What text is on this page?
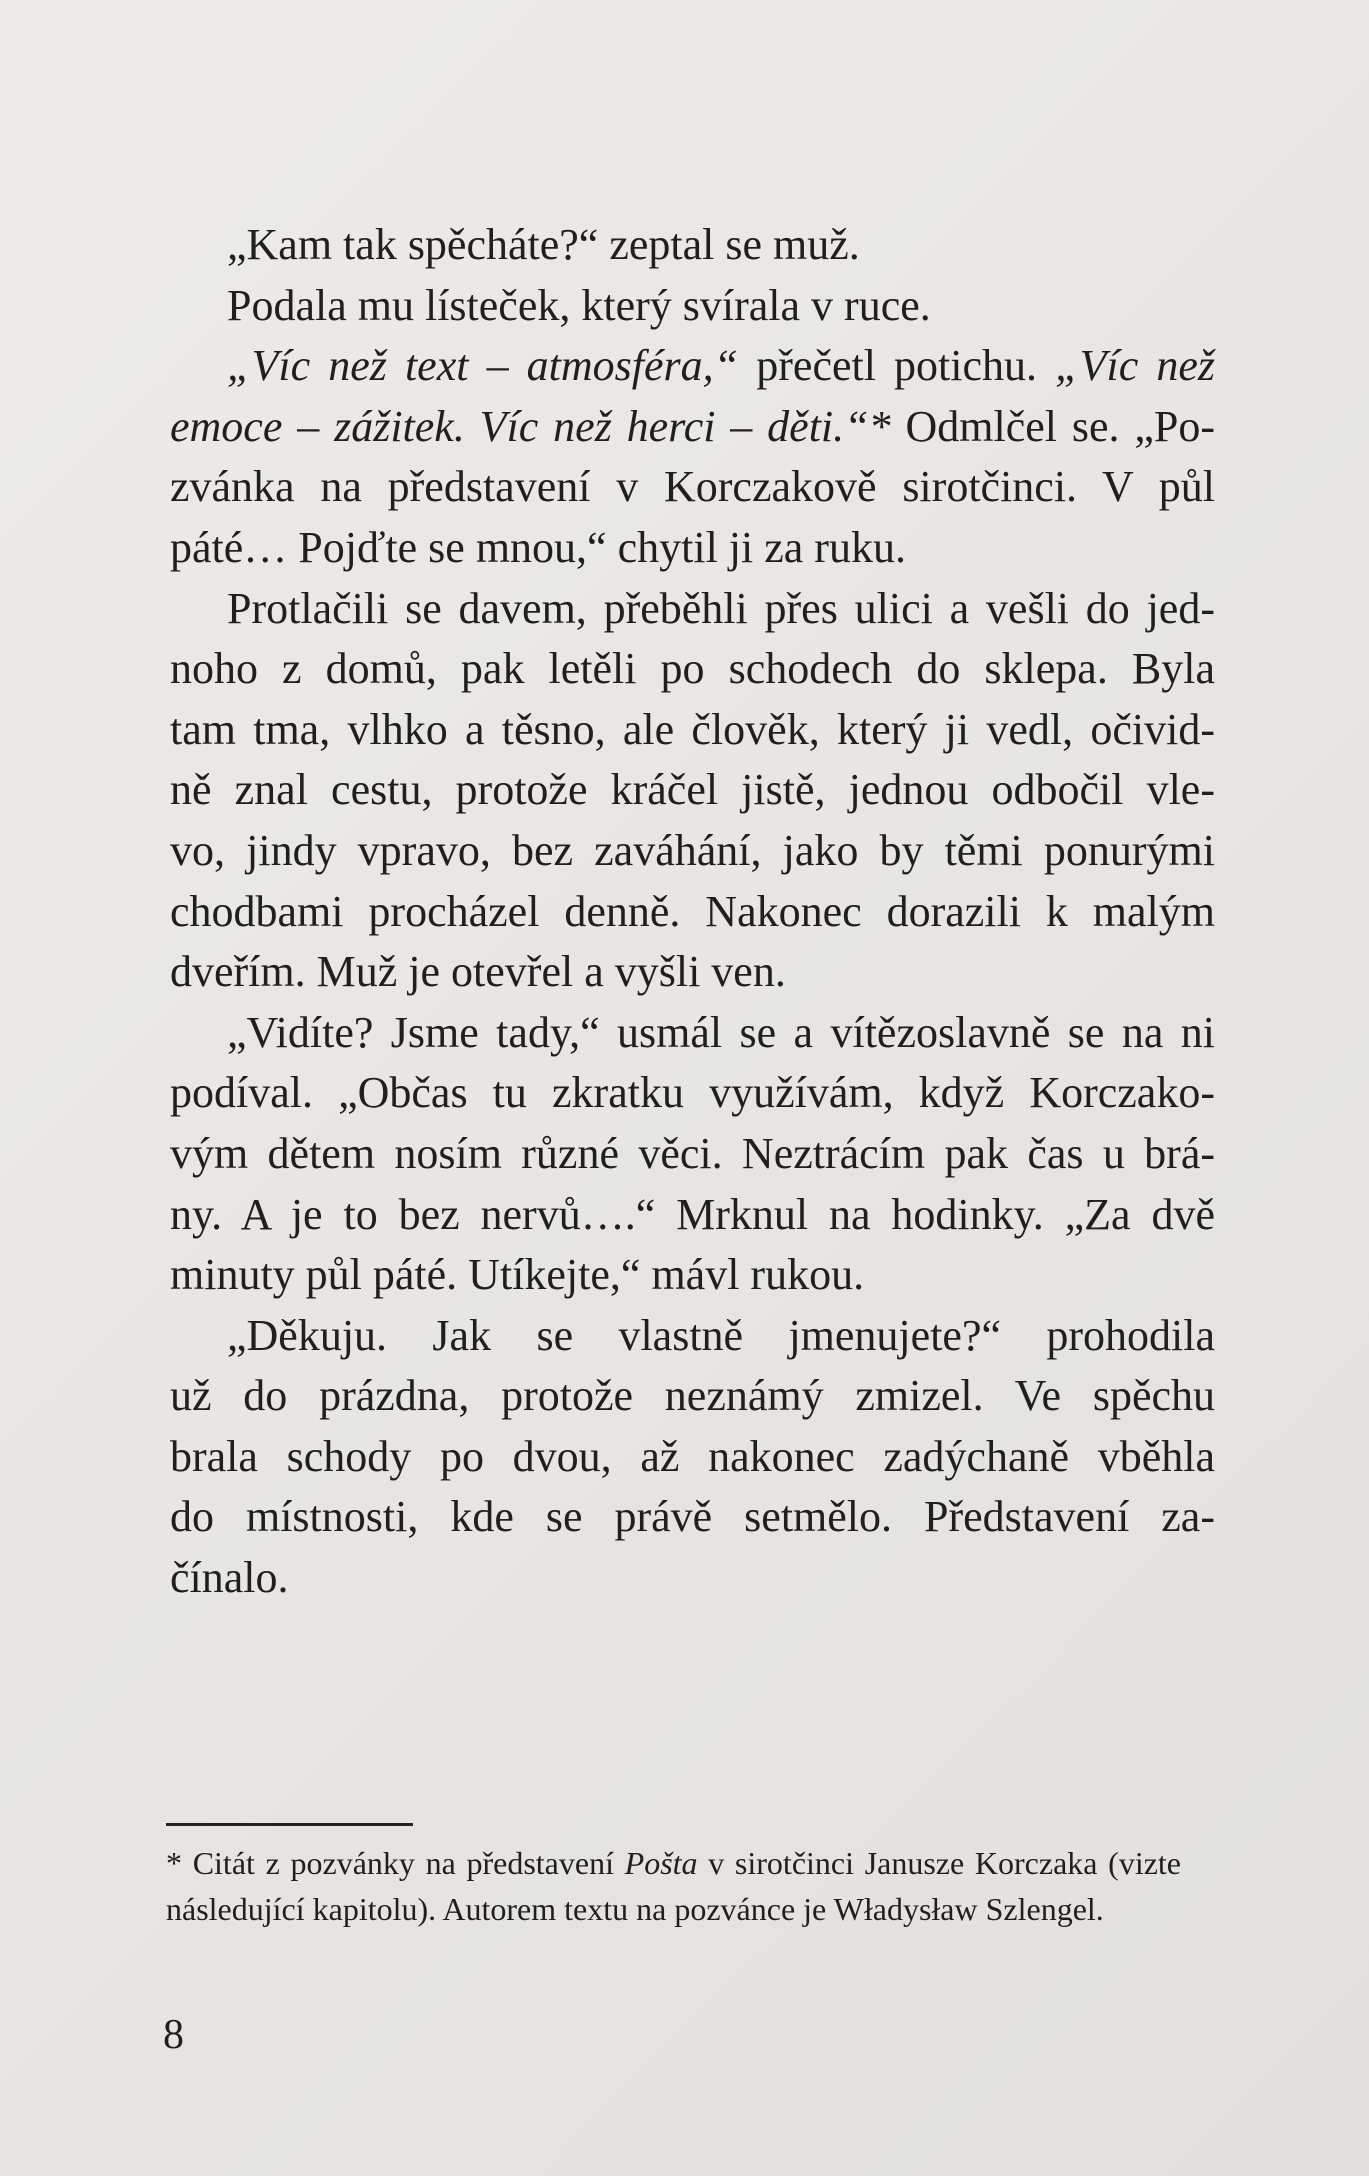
„Kam tak spěcháte?“ zeptal se muž.
Podala mu lísteček, který svírala v ruce.
„Víc než text – atmosféra,“ přečetl potichu. „Víc než
emoce – zážitek. Víc než herci – děti.“* Odmlčel se. „Po-
zvánka na představení v Korczakově sirotčinci. V půl
páté… Pojďte se mnou,“ chytil ji za ruku.
Protlačili se davem, přeběhli přes ulici a vešli do jed-
noho z domů, pak letěli po schodech do sklepa. Byla
tam tma, vlhko a těsno, ale člověk, který ji vedl, očivid-
ně znal cestu, protože kráčel jistě, jednou odbočil vle-
vo, jindy vpravo, bez zaváhání, jako by těmi ponurými
chodbami procházel denně. Nakonec dorazili k malým
dveřím. Muž je otevřel a vyšli ven.
„Vidíte? Jsme tady,“ usmál se a vítězoslavně se na ni
podíval. „Občas tu zkratku využívám, když Korczako-
vým dětem nosím různé věci. Neztrácím pak čas u brá-
ny. A je to bez nervů….“ Mrknul na hodinky. „Za dvě
minuty půl páté. Utíkejte,“ mávl rukou.
„Děkuju. Jak se vlastně jmenujete?“ prohodila
už do prázdna, protože neznámý zmizel. Ve spěchu
brala schody po dvou, až nakonec zadýchaně vběhla
do místnosti, kde se právě setmělo. Představení za-
čínalo.
* Citát z pozvánky na představení Pošta v sirotčinci Janusze Korczaka (vizte
následující kapitolu). Autorem textu na pozvánce je Władysław Szlengel.
8
